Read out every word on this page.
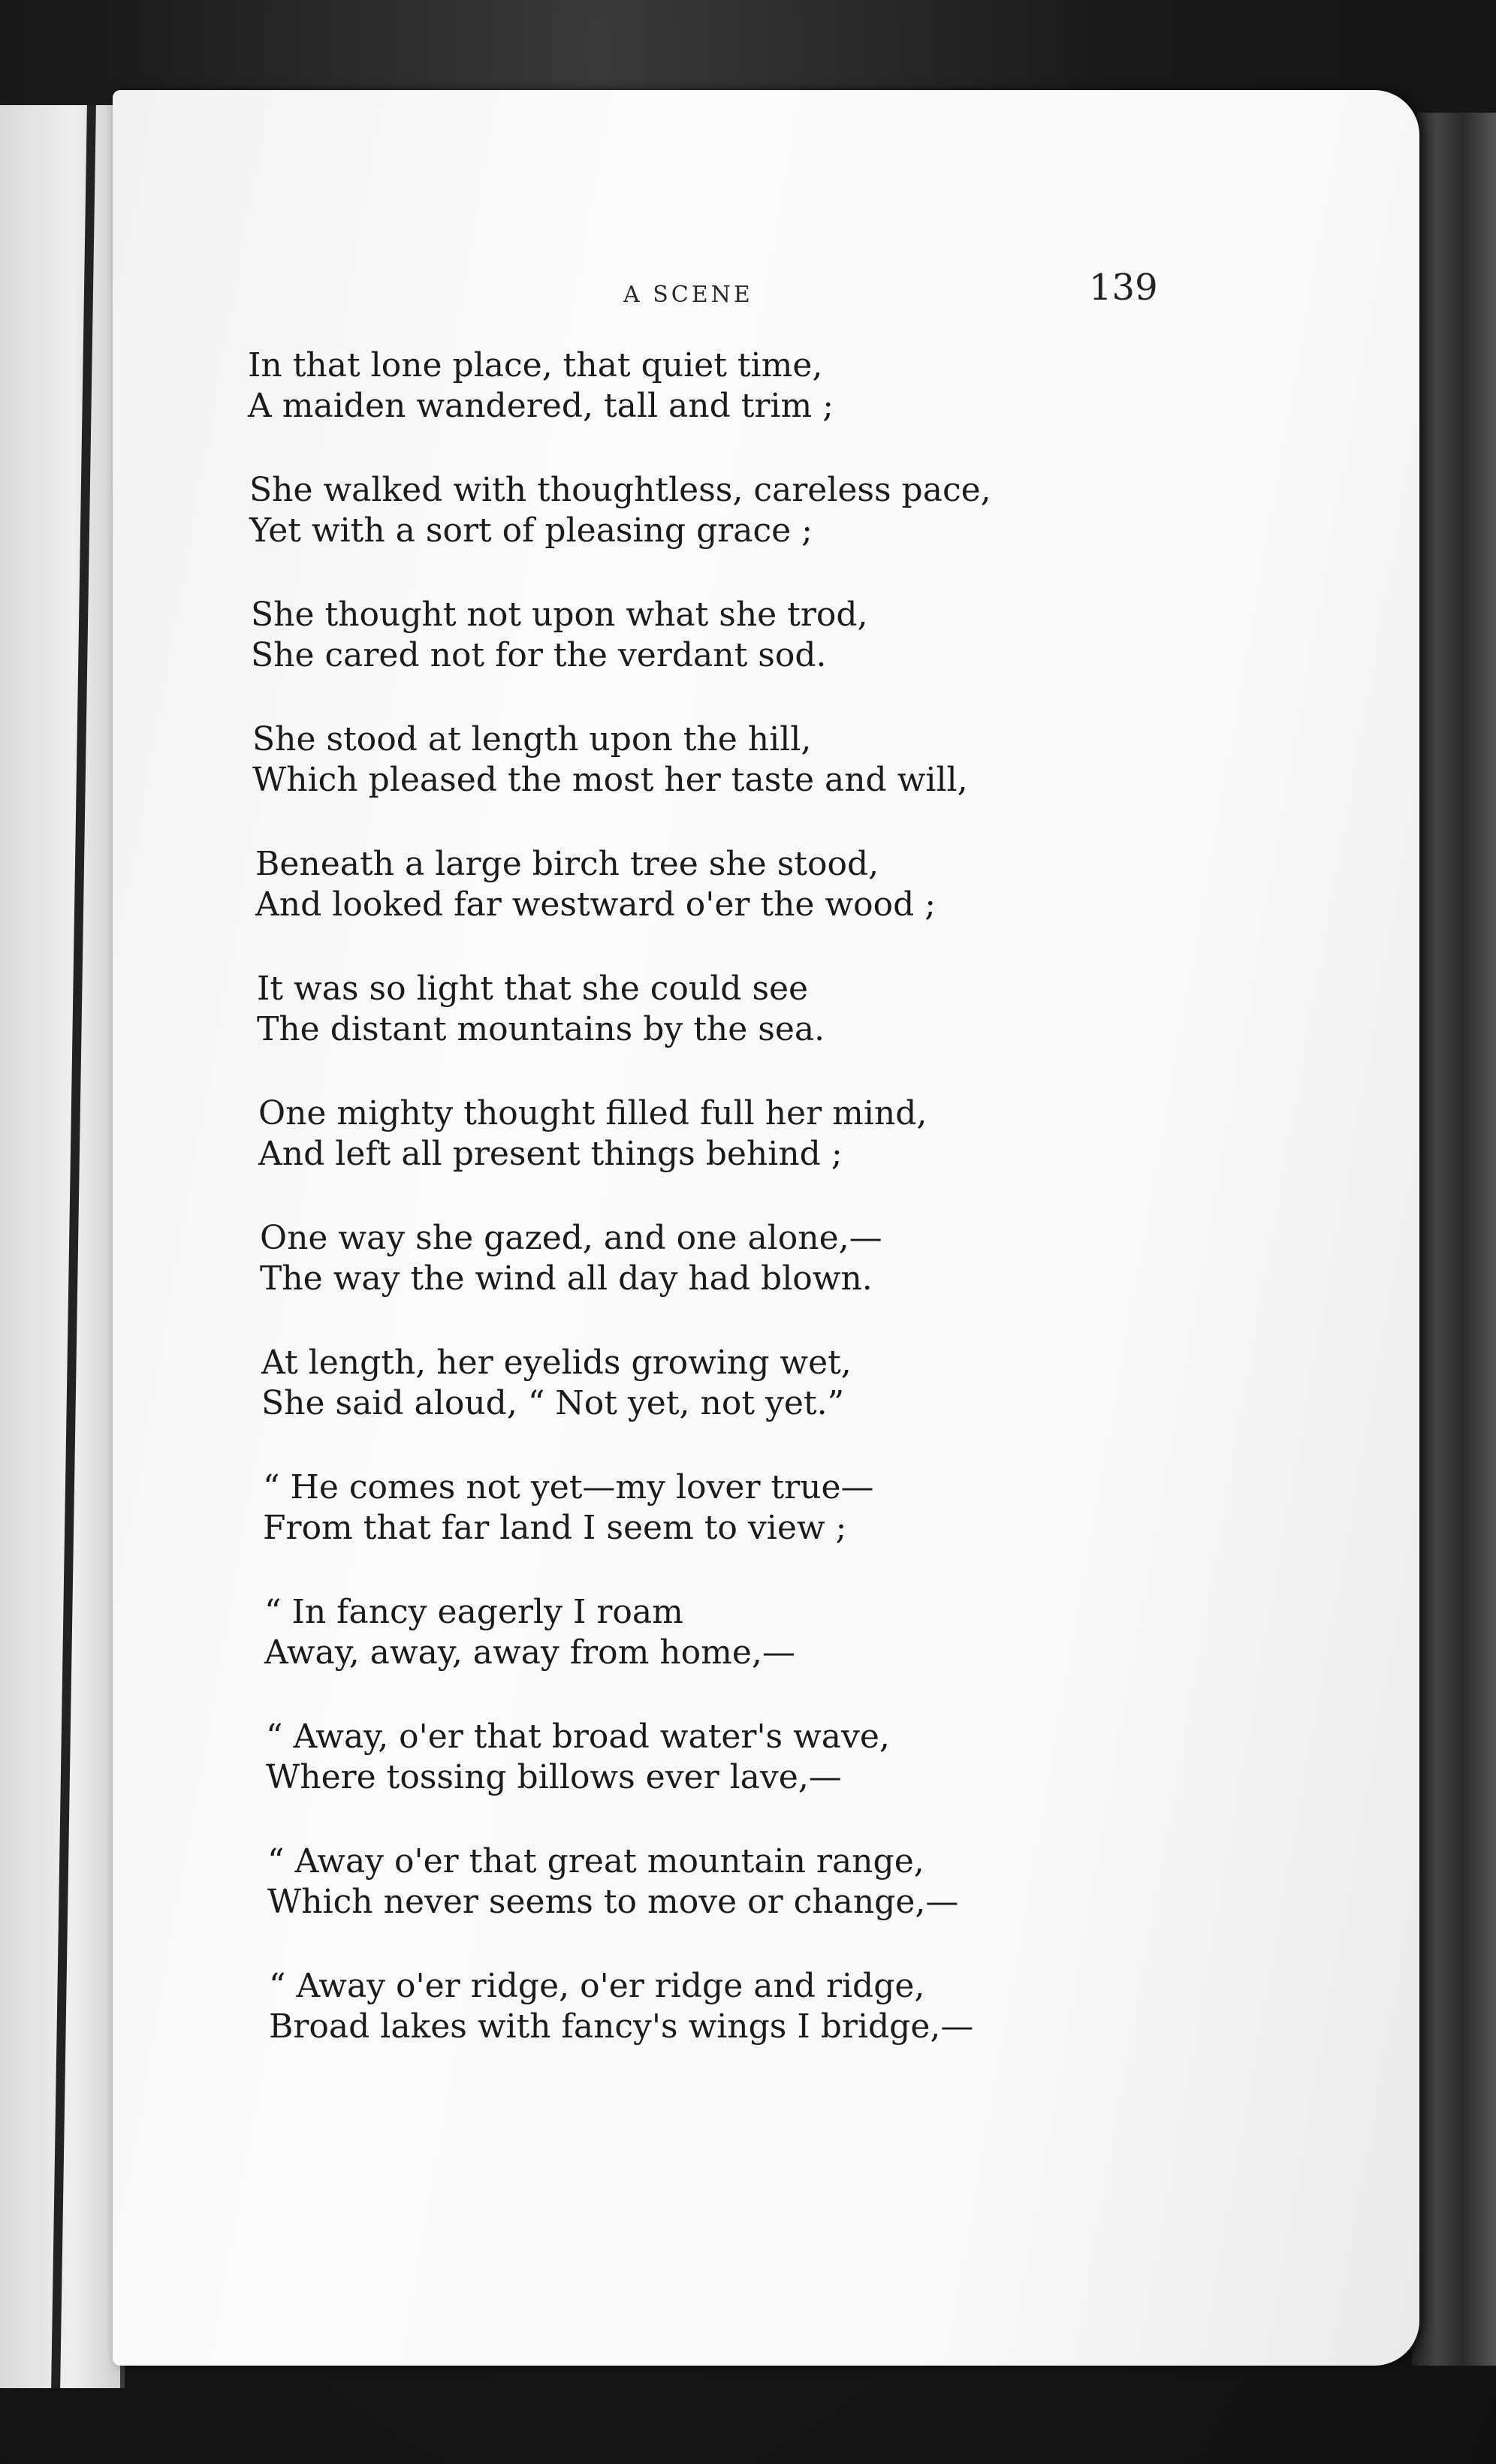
A SCENE	139
In that lone place, that quiet time,
A maiden wandered, tall and trim ;
She walked with thoughtless, careless pace,
Yet with a sort of pleasing grace ;
She thought not upon what she trod,
She cared not for the verdant sod.
She stood at length upon the hill,
Which pleased the most her taste and will,
Beneath a large birch tree she stood,
And looked far westward o'er the wood ;
It was so light that she could see
The distant mountains by the sea.
One mighty thought filled full her mind,
And left all present things behind ;
One way she gazed, and one alone,—
The way the wind all day had blown.
At length, her eyelids growing wet,
She said aloud, “ Not yet, not yet.”
“ He comes not yet—my lover true—
From that far land I seem to view ;
“ In fancy eagerly I roam
Away, away, away from home,—
“ Away, o'er that broad water's wave,
Where tossing billows ever lave,—
“ Away o'er that great mountain range,
Which never seems to move or change,—
“ Away o'er ridge, o'er ridge and ridge,
Broad lakes with fancy's wings I bridge,—
